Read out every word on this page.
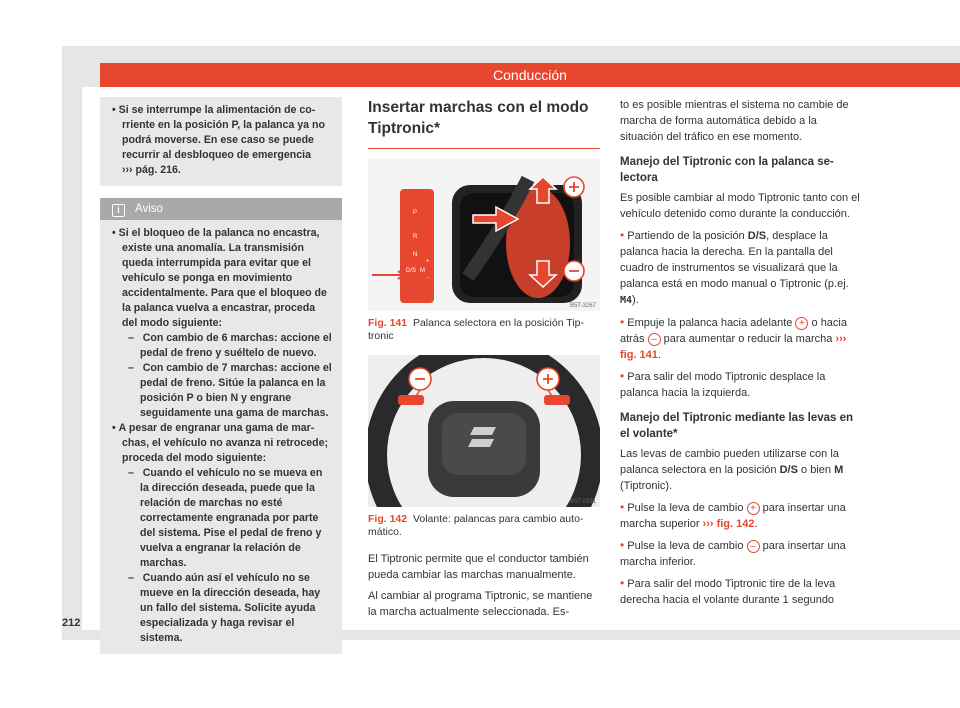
Conducción

• Si se interrumpe la alimentación de corriente en la posición P, la palanca ya no podrá moverse. En ese caso se puede recurrir al desbloqueo de emergencia
››› pág. 216.

i Aviso

• Si el bloqueo de la palanca no encastra, existe una anomalía. La transmisión queda interrumpida para evitar que el vehículo se ponga en movimiento accidentalmente. Para que el bloqueo de la palanca vuelva a encastrar, proceda del modo siguiente:

–   Con cambio de 6 marchas: accione el pedal de freno y suéltelo de nuevo.

–   Con cambio de 7 marchas: accione el pedal de freno. Sitúe la palanca en la posición P o bien N y engrane seguidamente una gama de marchas.

• A pesar de engranar una gama de marchas, el vehículo no avanza ni retrocede; proceda del modo siguiente:

–   Cuando el vehículo no se mueva en la dirección deseada, puede que la relación de marchas no esté correctamente engranada por parte del sistema. Pise el pedal de freno y vuelva a engranar la relación de marchas.

–   Cuando aún así el vehículo no se mueve en la dirección deseada, hay un fallo del sistema. Solicite ayuda especializada y haga revisar el sistema.

Insertar marchas con el modo Tiptronic*
P
R
N
D/S
+
-
M
B5T-3267
Fig. 141 Palanca selectora en la posición Tiptronic
B5T-0331
Fig. 142 Volante: palancas para cambio automático.

El Tiptronic permite que el conductor también pueda cambiar las marchas manualmente.

Al cambiar al programa Tiptronic, se mantiene la marcha actualmente seleccionada. Es-

to es posible mientras el sistema no cambie de marcha de forma automática debido a la situación del tráfico en ese momento.

Manejo del Tiptronic con la palanca selectora

Es posible cambiar al modo Tiptronic tanto con el vehículo detenido como durante la conducción.

• Partiendo de la posición D/S, desplace la palanca hacia la derecha. En la pantalla del cuadro de instrumentos se visualizará que la palanca está en modo manual o Tiptronic (p.ej. M4).

• Empuje la palanca hacia adelante + o hacia atrás – para aumentar o reducir la marcha ››› fig. 141.

• Para salir del modo Tiptronic desplace la palanca hacia la izquierda.

Manejo del Tiptronic mediante las levas en el volante*

Las levas de cambio pueden utilizarse con la palanca selectora en la posición D/S o bien M (Tiptronic).

• Pulse la leva de cambio + para insertar una marcha superior ››› fig. 142.

• Pulse la leva de cambio – para insertar una marcha inferior.

• Para salir del modo Tiptronic tire de la leva derecha hacia el volante durante 1 segundo

212
